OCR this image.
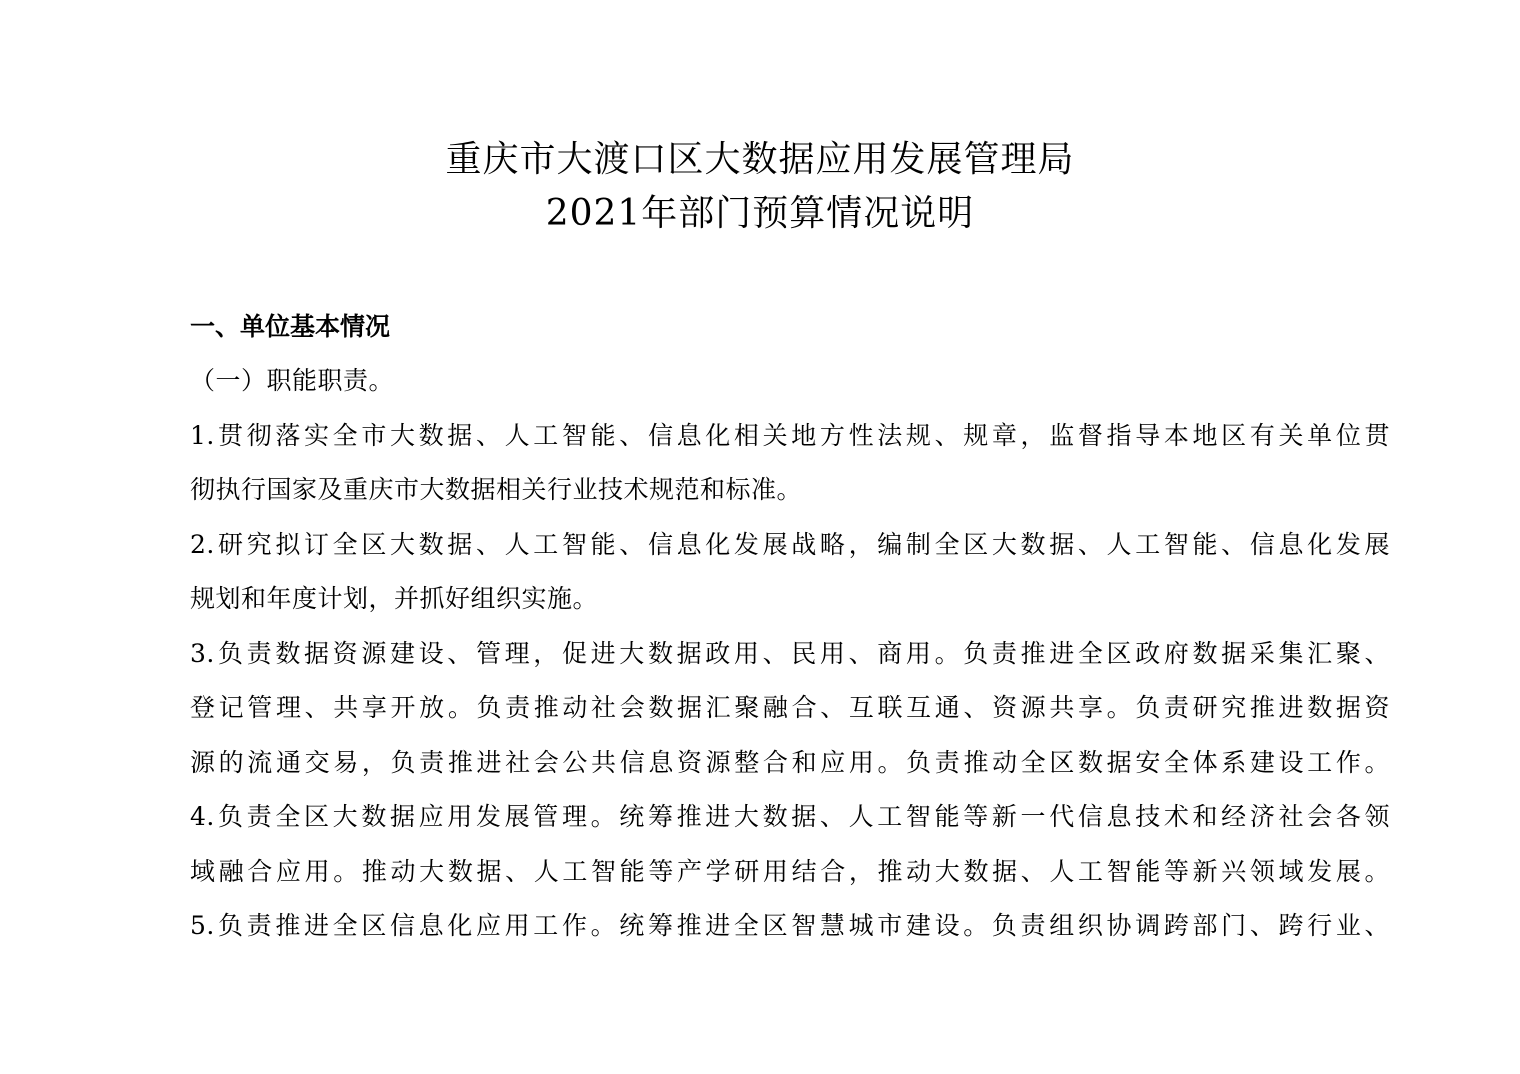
重庆市大渡口区大数据应用发展管理局
2021年部门预算情况说明
一、单位基本情况
（一）职能职责。
1.贯彻落实全市大数据、人工智能、信息化相关地方性法规、规章，监督指导本地区有关单位贯
彻执行国家及重庆市大数据相关行业技术规范和标准。
2.研究拟订全区大数据、人工智能、信息化发展战略，编制全区大数据、人工智能、信息化发展
规划和年度计划，并抓好组织实施。
3.负责数据资源建设、管理，促进大数据政用、民用、商用。负责推进全区政府数据采集汇聚、
登记管理、共享开放。负责推动社会数据汇聚融合、互联互通、资源共享。负责研究推进数据资
源的流通交易，负责推进社会公共信息资源整合和应用。负责推动全区数据安全体系建设工作。
4.负责全区大数据应用发展管理。统筹推进大数据、人工智能等新一代信息技术和经济社会各领
域融合应用。推动大数据、人工智能等产学研用结合，推动大数据、人工智能等新兴领域发展。
5.负责推进全区信息化应用工作。统筹推进全区智慧城市建设。负责组织协调跨部门、跨行业、
